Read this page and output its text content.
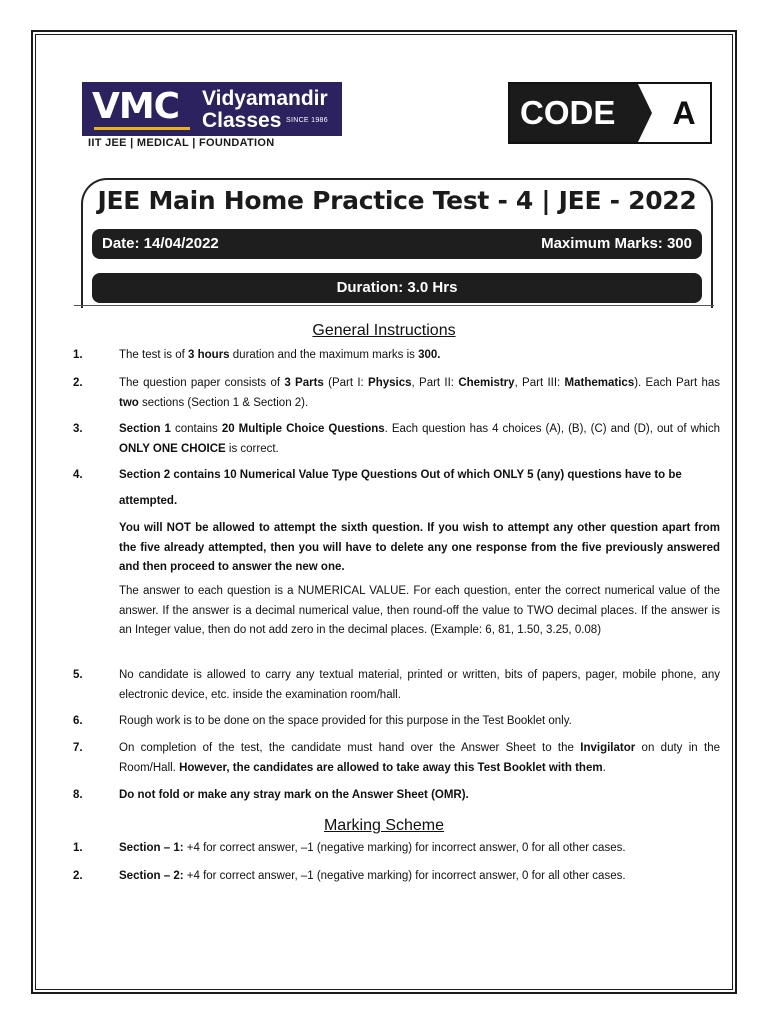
VMC Vidyamandir
Classes SINCE 1986
IIT JEE | MEDICAL | FOUNDATION
CODE	A
JEE Main Home Practice Test - 4 | JEE - 2022
Date: 14/04/2022	Maximum Marks: 300
Duration: 3.0 Hrs
General Instructions
1.	The test is of 3 hours duration and the maximum marks is 300.
2.	The question paper consists of 3 Parts (Part I: Physics, Part II: Chemistry, Part III: Mathematics). Each Part has two sections (Section 1 & Section 2).
3.	Section 1 contains 20 Multiple Choice Questions. Each question has 4 choices (A), (B), (C) and (D), out of which ONLY ONE CHOICE is correct.
4.	Section 2 contains 10 Numerical Value Type Questions Out of which ONLY 5 (any) questions have to be
attempted.
You will NOT be allowed to attempt the sixth question. If you wish to attempt any other question apart from the five already attempted, then you will have to delete any one response from the five previously answered and then proceed to answer the new one.
The answer to each question is a NUMERICAL VALUE. For each question, enter the correct numerical value of the answer. If the answer is a decimal numerical value, then round-off the value to TWO decimal places. If the answer is an Integer value, then do not add zero in the decimal places. (Example: 6, 81, 1.50, 3.25, 0.08)
5.	No candidate is allowed to carry any textual material, printed or written, bits of papers, pager, mobile phone, any electronic device, etc. inside the examination room/hall.
6.	Rough work is to be done on the space provided for this purpose in the Test Booklet only.
7.	On completion of the test, the candidate must hand over the Answer Sheet to the Invigilator on duty in the Room/Hall. However, the candidates are allowed to take away this Test Booklet with them.
8.	Do not fold or make any stray mark on the Answer Sheet (OMR).
Marking Scheme
1.	Section – 1: +4 for correct answer, –1 (negative marking) for incorrect answer, 0 for all other cases.
2.	Section – 2: +4 for correct answer, –1 (negative marking) for incorrect answer, 0 for all other cases.
